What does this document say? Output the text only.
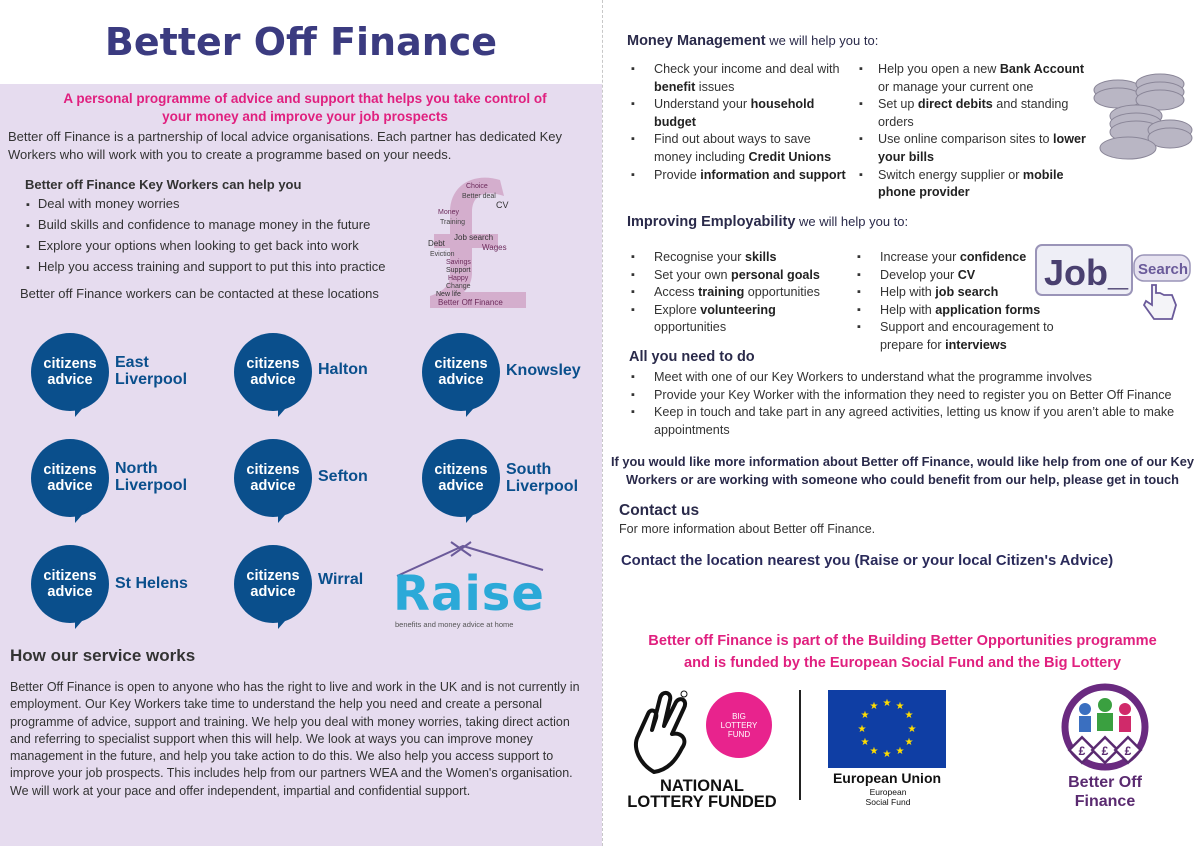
Better Off Finance
A personal programme of advice and support that helps you take control of
your money and improve your job prospects

Better off Finance is a partnership of local advice organisations. Each partner has dedicated Key Workers who will work with you to create a programme based on your needs.

Better off Finance Key Workers can help you
▪ Deal with money worries
▪ Build skills and confidence to manage money in the future
▪ Explore your options when looking to get back into work
▪ Help you access training and support to put this into practice
Better off Finance workers can be contacted at these locations
Choice
Better deal
CV
Money
Training
Job search
Wages
Debt
Eviction
Savings
Support
Happy
Change
New life
Better Off Finance
citizens
advice
East
Liverpool
citizens
advice
Halton	citizens
advice
Knowsley
citizens
advice
North
Liverpool
citizens
advice
Sefton	citizens
advice
South
Liverpool
citizens
advice	St Helens	citizens
advice
Wirral Raise
benefits and money advice at home
How our service works

Better Off Finance is open to anyone who has the right to live and work in the UK and is not currently in employment. Our Key Workers take time to understand the help you need and create a personal programme of advice, support and training. We help you deal with money worries, taking direct action and referring to specialist support when this will help. We look at ways you can improve money management in the future, and help you take action to do this. We also help you access support to improve your job prospects. This includes help from our partners WEA and the Women's organisation. We will work at your pace and offer independent, impartial and confidential support.

Money Management we will help you to:
▪ Check your income and deal with benefit issues
▪ Understand your household budget
▪ Find out about ways to save money including Credit Unions
▪ Provide information and support
▪ Help you open a new Bank Account or manage your current one
▪ Set up direct debits and standing orders
▪ Use online comparison sites to lower your bills
▪ Switch energy supplier or mobile phone provider
Improving Employability we will help you to:
▪ Recognise your skills
▪ Set your own personal goals
▪ Access training opportunities
▪ Explore volunteering opportunities
▪ Increase your confidence
▪ Develop your CV
▪ Help with job search
▪ Help with application forms
▪ Support and encouragement to prepare for interviews
Job_ Search
All you need to do
▪ Meet with one of our Key Workers to understand what the programme involves
▪ Provide your Key Worker with the information they need to register you on Better Off Finance
▪ Keep in touch and take part in any agreed activities, letting us know if you aren’t able to make appointments

If you would like more information about Better off Finance, would like help from one of our Key Workers or are working with someone who could benefit from our help, please get in touch

Contact us
For more information about Better off Finance.
Contact the location nearest you (Raise or your local Citizen's Advice)
Better off Finance is part of the Building Better Opportunities programme
and is funded by the European Social Fund and the Big Lottery
BIG
LOTTERY
FUND
NATIONAL
LOTTERY FUNDED
★ ★
★
★
★
★
★
★
★
★
★
★
European Union
European
Social Fund
£ £ £
Better Off
Finance
